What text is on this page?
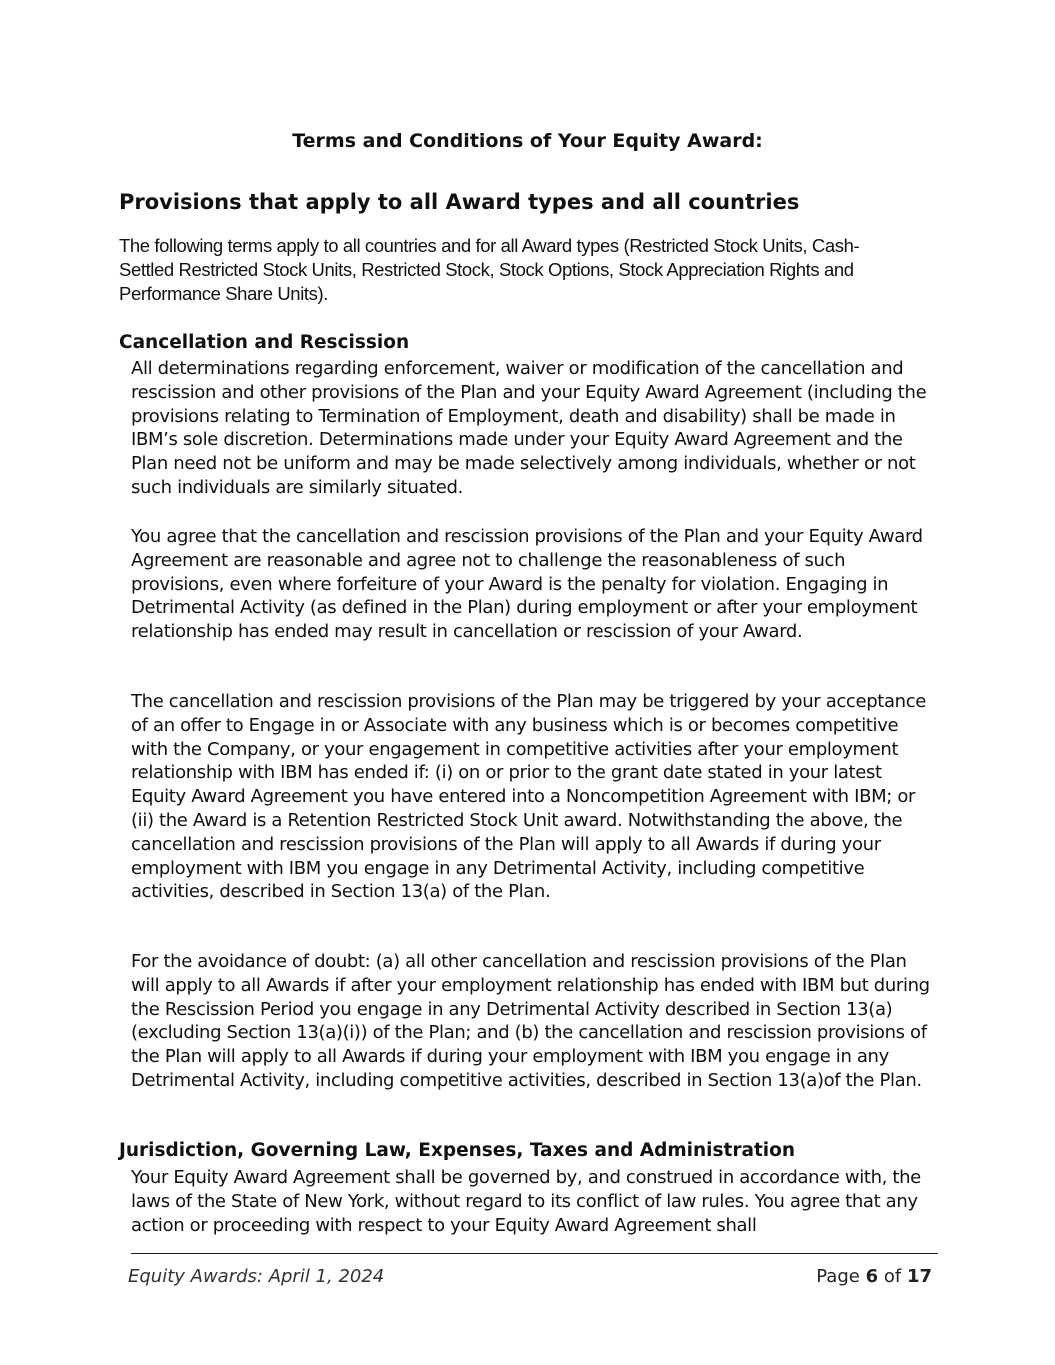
Terms and Conditions of Your Equity Award:
Provisions that apply to all Award types and all countries

The following terms apply to all countries and for all Award types (Restricted Stock Units, Cash-Settled Restricted Stock Units, Restricted Stock, Stock Options, Stock Appreciation Rights and Performance Share Units).

Cancellation and Rescission

All determinations regarding enforcement, waiver or modification of the cancellation and rescission and other provisions of the Plan and your Equity Award Agreement (including the provisions relating to Termination of Employment, death and disability) shall be made in IBM’s sole discretion. Determinations made under your Equity Award Agreement and the Plan need not be uniform and may be made selectively among individuals, whether or not such individuals are similarly situated.

You agree that the cancellation and rescission provisions of the Plan and your Equity Award Agreement are reasonable and agree not to challenge the reasonableness of such provisions, even where forfeiture of your Award is the penalty for violation. Engaging in Detrimental Activity (as defined in the Plan) during employment or after your employment relationship has ended may result in cancellation or rescission of your Award.

The cancellation and rescission provisions of the Plan may be triggered by your acceptance of an offer to Engage in or Associate with any business which is or becomes competitive with the Company, or your engagement in competitive activities after your employment relationship with IBM has ended if: (i) on or prior to the grant date stated in your latest Equity Award Agreement you have entered into a Noncompetition Agreement with IBM; or (ii) the Award is a Retention Restricted Stock Unit award. Notwithstanding the above, the cancellation and rescission provisions of the Plan will apply to all Awards if during your employment with IBM you engage in any Detrimental Activity, including competitive activities, described in Section 13(a) of the Plan.

For the avoidance of doubt: (a) all other cancellation and rescission provisions of the Plan will apply to all Awards if after your employment relationship has ended with IBM but during the Rescission Period you engage in any Detrimental Activity described in Section 13(a) (excluding Section 13(a)(i)) of the Plan; and (b) the cancellation and rescission provisions of the Plan will apply to all Awards if during your employment with IBM you engage in any Detrimental Activity, including competitive activities, described in Section 13(a)of the Plan.

Jurisdiction, Governing Law, Expenses, Taxes and Administration

Your Equity Award Agreement shall be governed by, and construed in accordance with, the laws of the State of New York, without regard to its conflict of law rules. You agree that any action or proceeding with respect to your Equity Award Agreement shall

Equity Awards: April 1, 2024	Page 6 of 17
